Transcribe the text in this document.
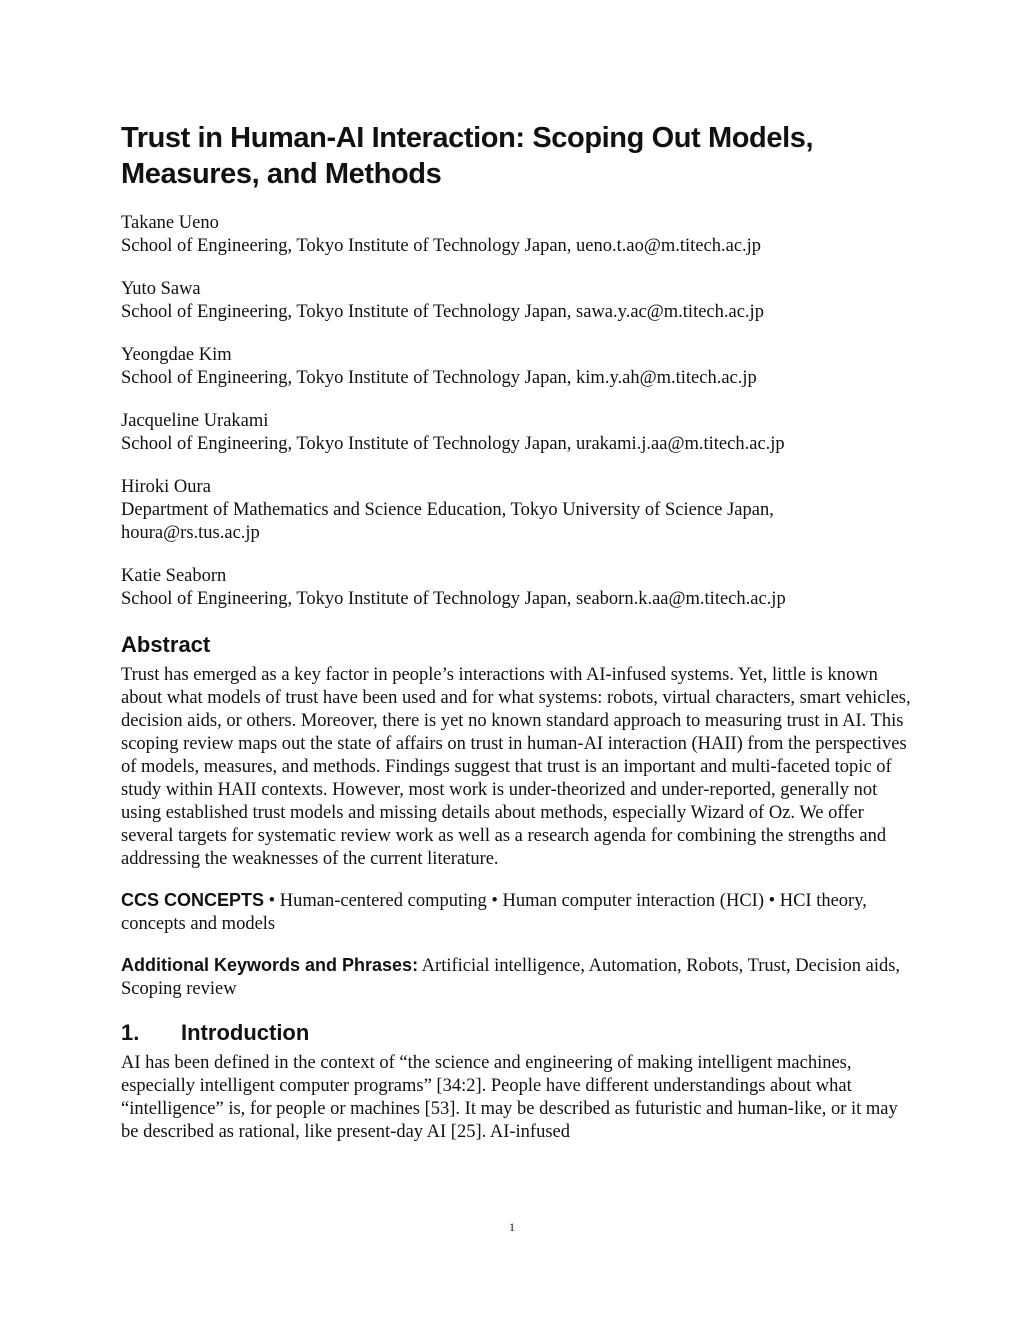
Trust in Human-AI Interaction: Scoping Out Models, Measures, and Methods
Takane Ueno
School of Engineering, Tokyo Institute of Technology Japan, ueno.t.ao@m.titech.ac.jp
Yuto Sawa
School of Engineering, Tokyo Institute of Technology Japan, sawa.y.ac@m.titech.ac.jp
Yeongdae Kim
School of Engineering, Tokyo Institute of Technology Japan, kim.y.ah@m.titech.ac.jp
Jacqueline Urakami
School of Engineering, Tokyo Institute of Technology Japan, urakami.j.aa@m.titech.ac.jp
Hiroki Oura
Department of Mathematics and Science Education, Tokyo University of Science Japan, houra@rs.tus.ac.jp
Katie Seaborn
School of Engineering, Tokyo Institute of Technology Japan, seaborn.k.aa@m.titech.ac.jp
Abstract

Trust has emerged as a key factor in people’s interactions with AI-infused systems. Yet, little is known about what models of trust have been used and for what systems: robots, virtual characters, smart vehicles, decision aids, or others. Moreover, there is yet no known standard approach to measuring trust in AI. This scoping review maps out the state of affairs on trust in human-AI interaction (HAII) from the perspectives of models, measures, and methods. Findings suggest that trust is an important and multi-faceted topic of study within HAII contexts. However, most work is under-theorized and under-reported, generally not using established trust models and missing details about methods, especially Wizard of Oz. We offer several targets for systematic review work as well as a research agenda for combining the strengths and addressing the weaknesses of the current literature.

CCS CONCEPTS • Human-centered computing • Human computer interaction (HCI) • HCI theory, concepts and models

Additional Keywords and Phrases: Artificial intelligence, Automation, Robots, Trust, Decision aids, Scoping review

1. Introduction

AI has been defined in the context of “the science and engineering of making intelligent machines, especially intelligent computer programs” [34:2]. People have different understandings about what “intelligence” is, for people or machines [53]. It may be described as futuristic and human-like, or it may be described as rational, like present-day AI [25]. AI-infused

1
